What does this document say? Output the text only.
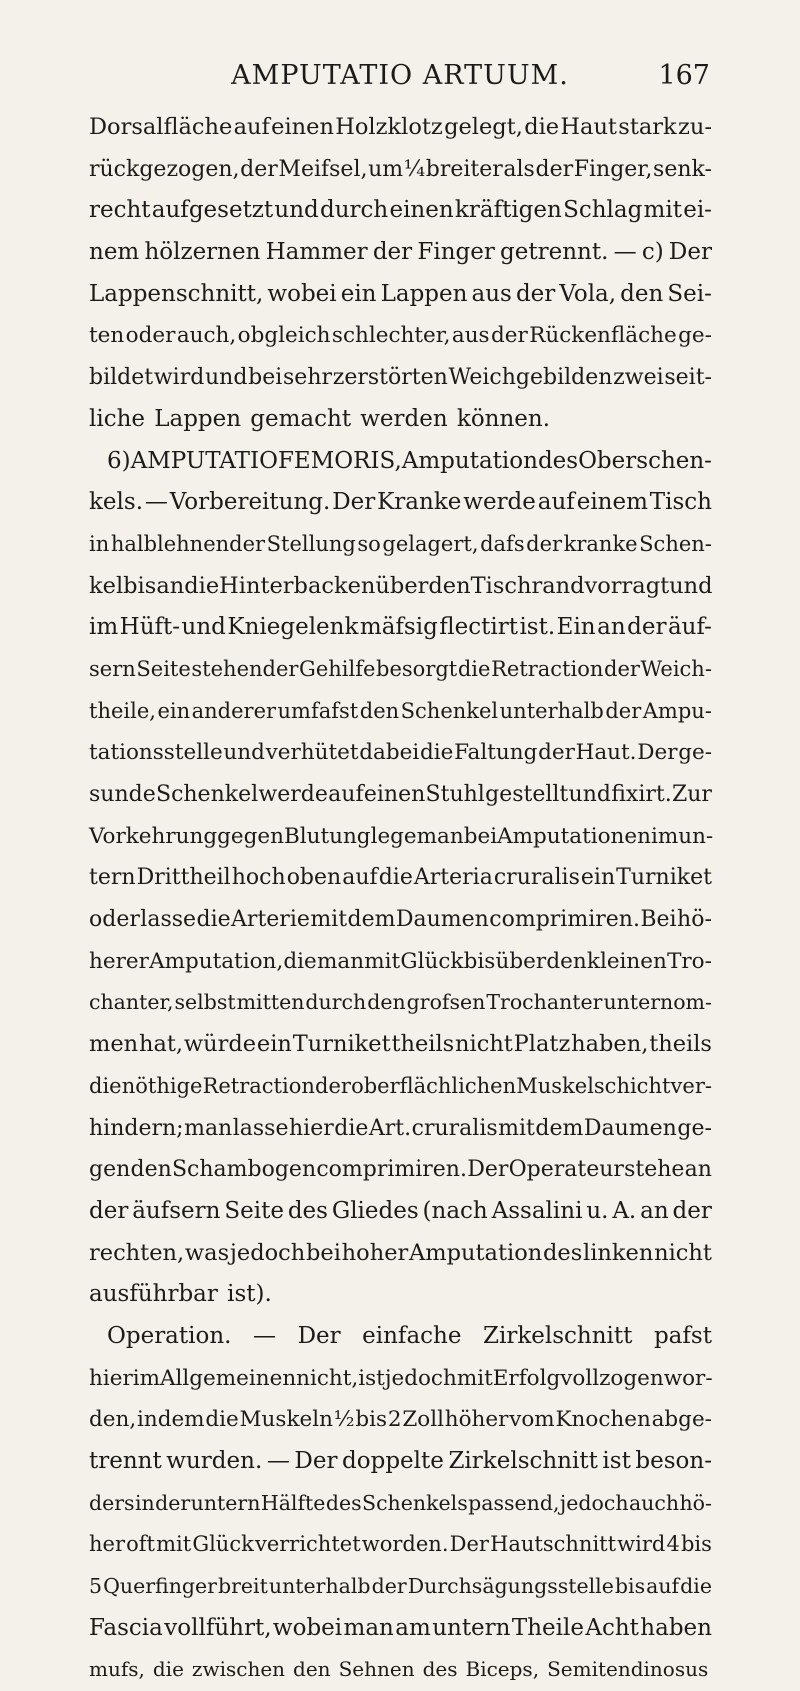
AMPUTATIO ARTUUM.	167
Dorsalfläche auf einen Holzklotz gelegt, die Haut stark zu-
rückgezogen, der Meifsel, um ¼ breiter als der Finger, senk-
recht aufgesetzt und durch einen kräftigen Schlag mit ei-
nem hölzernen Hammer der Finger getrennt. — c) Der
Lappenschnitt, wobei ein Lappen aus der Vola, den Sei-
ten oder auch, obgleich schlechter, aus der Rückenfläche ge-
bildet wird und bei sehr zerstörten Weichgebilden zwei seit-
liche Lappen gemacht werden können.
6) AMPUTATIO FEMORIS, Amputation des Oberschen-
kels. — Vorbereitung. Der Kranke werde auf einem Tisch
in halblehnender Stellung so gelagert, dafs der kranke Schen-
kel bis an die Hinterbacken über den Tischrand vorragt und
im Hüft- und Kniegelenk mäfsig flectirt ist. Ein an der äuf-
sern Seite stehender Gehilfe besorgt die Retraction der Weich-
theile, ein anderer umfafst den Schenkel unterhalb der Ampu-
tationsstelle und verhütet dabei die Faltung der Haut. Der ge-
sunde Schenkel werde auf einen Stuhl gestellt und fixirt. Zur
Vorkehrung gegen Blutung lege man bei Amputationen im un-
tern Drittheil hoch oben auf die Arteria cruralis ein Turniket
oder lasse die Arterie mit dem Daumen comprimiren. Bei hö-
herer Amputation, die man mit Glück bis über den kleinen Tro-
chanter, selbst mitten durch den grofsen Trochanter unternom-
men hat, würde ein Turniket theils nicht Platz haben, theils
die nöthige Retraction der oberflächlichen Muskelschicht ver-
hindern; man lasse hier die Art. cruralis mit dem Daumen ge-
gen den Schambogen comprimiren. Der Operateur stehe an
der äufsern Seite des Gliedes (nach Assalini u. A. an der
rechten, was jedoch bei hoher Amputation des linken nicht
ausführbar ist).
Operation. — Der einfache Zirkelschnitt pafst
hier im Allgemeinen nicht, ist jedoch mit Erfolg vollzogen wor-
den, indem die Muskeln ½ bis 2 Zoll höher vom Knochen abge-
trennt wurden. — Der doppelte Zirkelschnitt ist beson-
ders in der untern Hälfte des Schenkels passend, jedoch auch hö-
her oft mit Glück verrichtet worden. Der Hautschnitt wird 4 bis
5 Querfinger breit unterhalb der Durchsägungsstelle bis auf die
Fascia vollführt, wobei man am untern Theile Acht haben
mufs, die zwischen den Sehnen des Biceps, Semitendinosus
